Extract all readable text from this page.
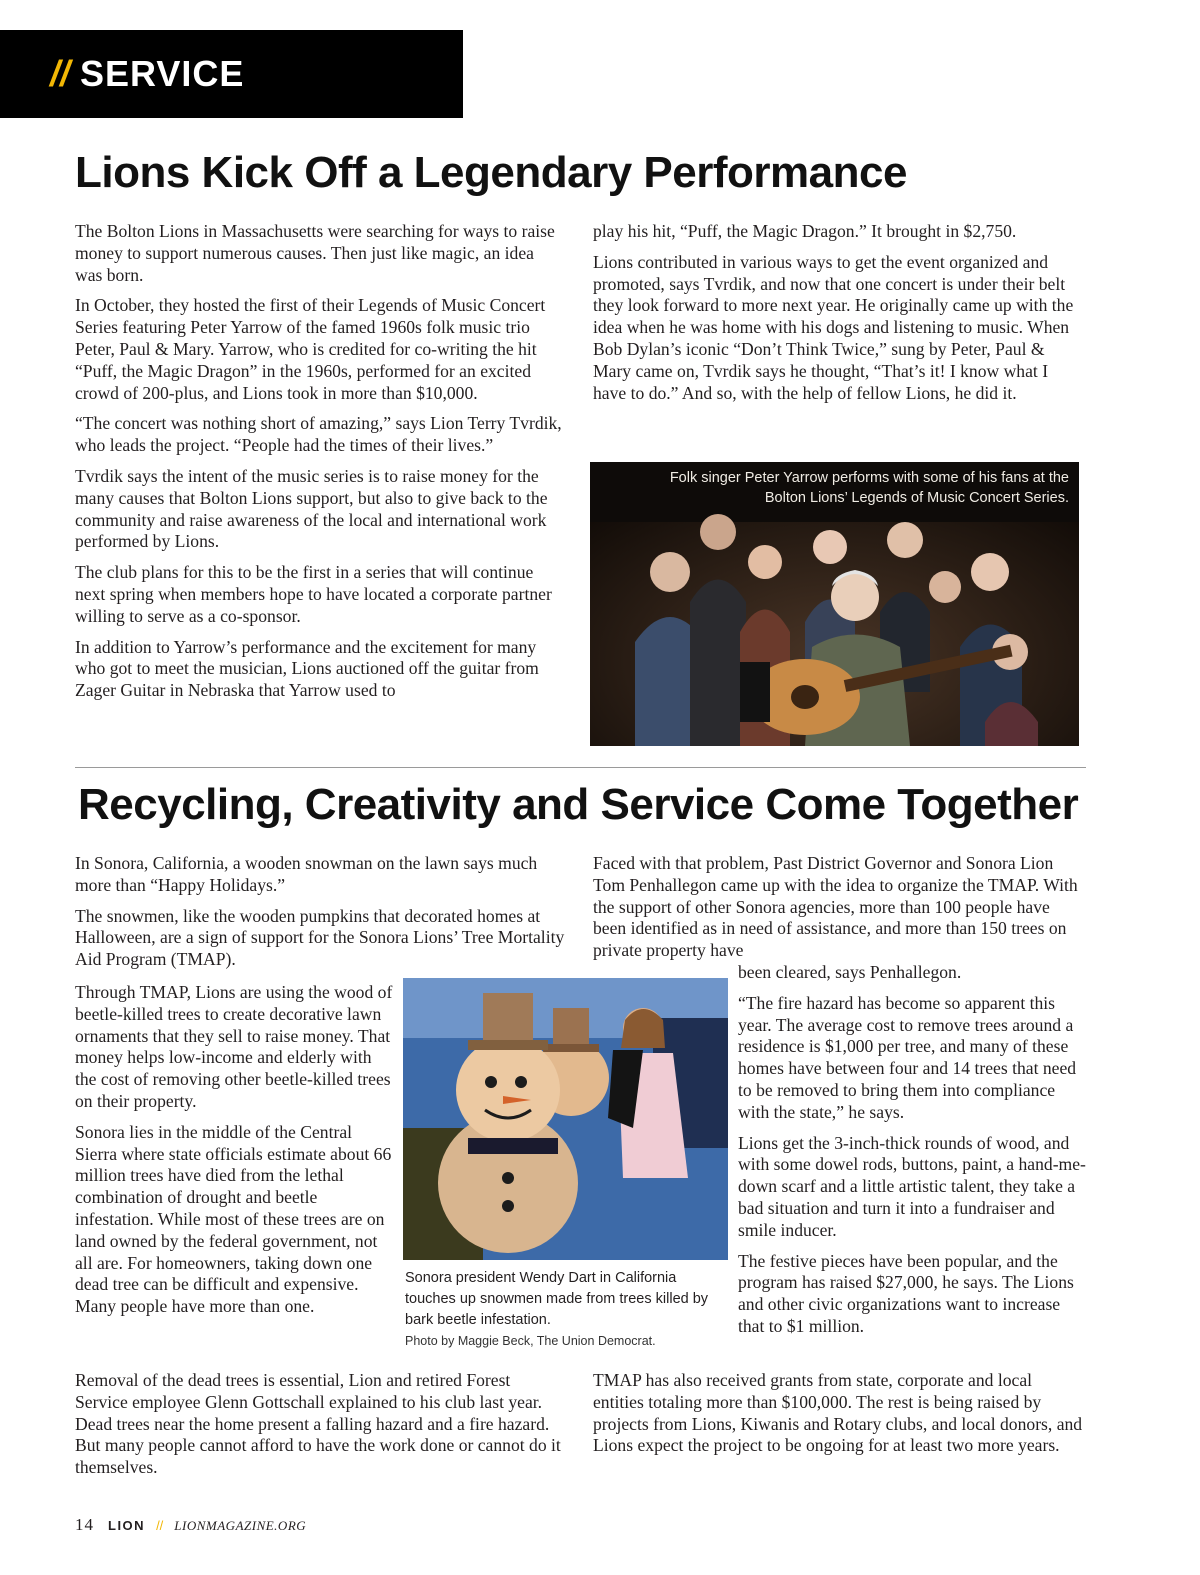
// SERVICE
Lions Kick Off a Legendary Performance

The Bolton Lions in Massachusetts were searching for ways to raise money to support numerous causes. Then just like magic, an idea was born.

In October, they hosted the first of their Legends of Music Concert Series featuring Peter Yarrow of the famed 1960s folk music trio Peter, Paul & Mary. Yarrow, who is credited for co-writing the hit “Puff, the Magic Dragon” in the 1960s, performed for an excited crowd of 200-plus, and Lions took in more than $10,000.

“The concert was nothing short of amazing,” says Lion Terry Tvrdik, who leads the project. “People had the times of their lives.”

Tvrdik says the intent of the music series is to raise money for the many causes that Bolton Lions support, but also to give back to the community and raise awareness of the local and international work performed by Lions.

The club plans for this to be the first in a series that will continue next spring when members hope to have located a corporate partner willing to serve as a co-sponsor.

In addition to Yarrow’s performance and the excitement for many who got to meet the musician, Lions auctioned off the guitar from Zager Guitar in Nebraska that Yarrow used to

play his hit, “Puff, the Magic Dragon.” It brought in $2,750.

Lions contributed in various ways to get the event organized and promoted, says Tvrdik, and now that one concert is under their belt they look forward to more next year. He originally came up with the idea when he was home with his dogs and listening to music. When Bob Dylan’s iconic “Don’t Think Twice,” sung by Peter, Paul & Mary came on, Tvrdik says he thought, “That’s it! I know what I have to do.” And so, with the help of fellow Lions, he did it.

Folk singer Peter Yarrow performs with some of his fans at the
Bolton Lions’ Legends of Music Concert Series.
Recycling, Creativity and Service Come Together

In Sonora, California, a wooden snowman on the lawn says much more than “Happy Holidays.”

The snowmen, like the wooden pumpkins that decorated homes at Halloween, are a sign of support for the Sonora Lions’ Tree Mortality Aid Program (TMAP).

Through TMAP, Lions are using the wood of beetle-killed trees to create decorative lawn ornaments that they sell to raise money. That money helps low-income and elderly with the cost of removing other beetle-killed trees on their property.

Sonora lies in the middle of the Central Sierra where state officials estimate about 66 million trees have died from the lethal combination of drought and beetle infestation. While most of these trees are on land owned by the federal government, not all are. For homeowners, taking down one dead tree can be difficult and expensive. Many people have more than one.

Faced with that problem, Past District Governor and Sonora Lion Tom Penhallegon came up with the idea to organize the TMAP. With the support of other Sonora agencies, more than 100 people have been identified as in need of assistance, and more than 150 trees on private property have

been cleared, says Penhallegon.

“The fire hazard has become so apparent this year. The average cost to remove trees around a residence is $1,000 per tree, and many of these homes have between four and 14 trees that need to be removed to bring them into compliance with the state,” he says.

Lions get the 3-inch-thick rounds of wood, and with some dowel rods, buttons, paint, a hand-me-down scarf and a little artistic talent, they take a bad situation and turn it into a fundraiser and smile inducer.

The festive pieces have been popular, and the program has raised $27,000, he says. The Lions and other civic organizations want to increase that to $1 million.

Sonora president Wendy Dart in California touches up snowmen made from trees killed by bark beetle infestation.
Photo by Maggie Beck, The Union Democrat.

Removal of the dead trees is essential, Lion and retired Forest Service employee Glenn Gottschall explained to his club last year. Dead trees near the home present a falling hazard and a fire hazard. But many people cannot afford to have the work done or cannot do it themselves.

TMAP has also received grants from state, corporate and local entities totaling more than $100,000. The rest is being raised by projects from Lions, Kiwanis and Rotary clubs, and local donors, and Lions expect the project to be ongoing for at least two more years.

14 LION // LIONMAGAZINE.ORG
